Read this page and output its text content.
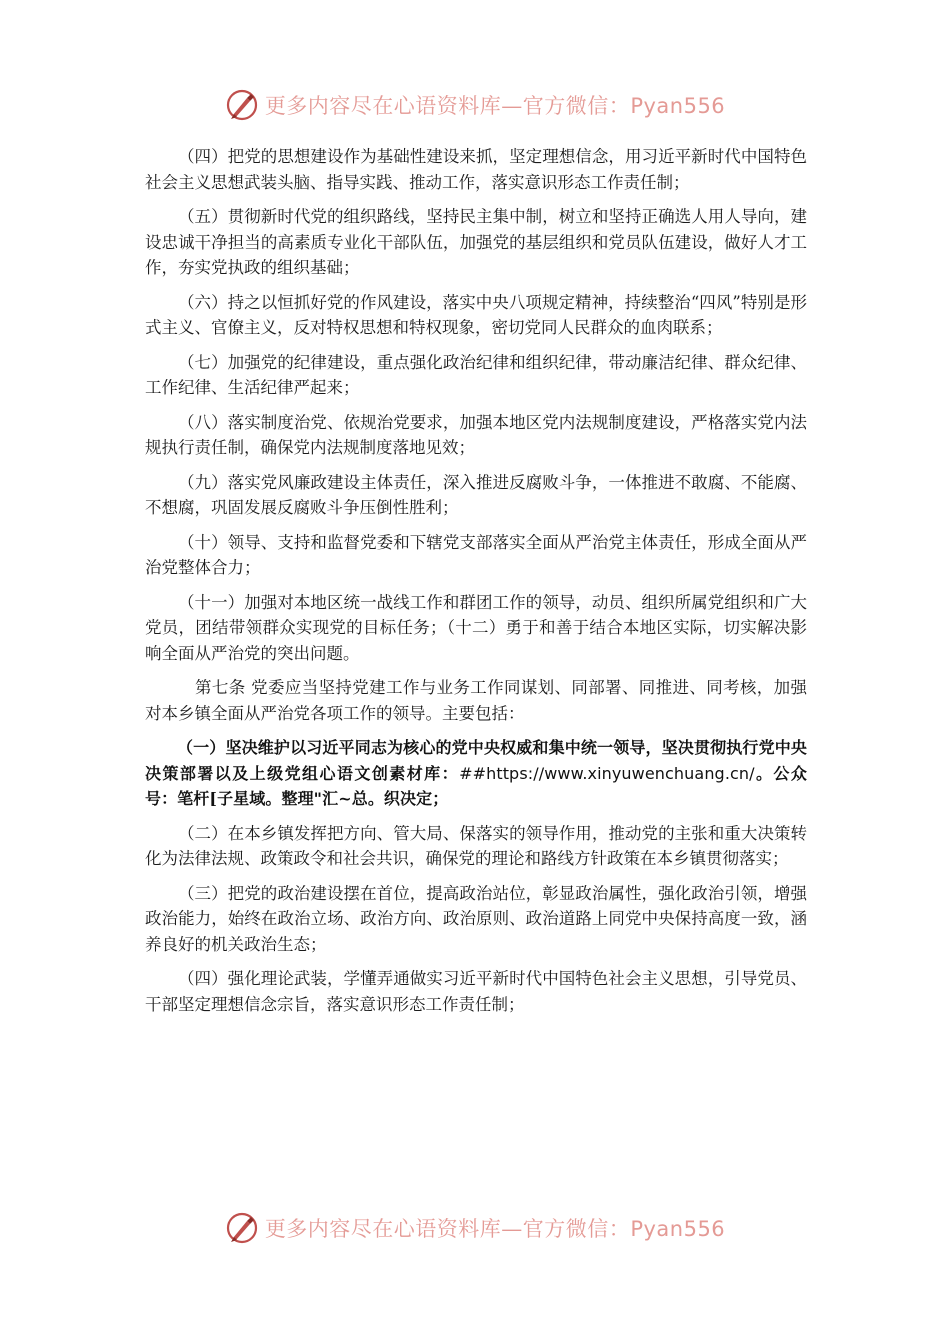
更多内容尽在心语资料库—官方微信：Pyan556

（四）把党的思想建设作为基础性建设来抓，坚定理想信念，用习近平新时代中国特色社会主义思想武装头脑、指导实践、推动工作，落实意识形态工作责任制；

（五）贯彻新时代党的组织路线，坚持民主集中制，树立和坚持正确选人用人导向，建设忠诚干净担当的高素质专业化干部队伍，加强党的基层组织和党员队伍建设，做好人才工作，夯实党执政的组织基础；

（六）持之以恒抓好党的作风建设，落实中央八项规定精神，持续整治“四风”特别是形式主义、官僚主义，反对特权思想和特权现象，密切党同人民群众的血肉联系；

（七）加强党的纪律建设，重点强化政治纪律和组织纪律，带动廉洁纪律、群众纪律、工作纪律、生活纪律严起来；

（八）落实制度治党、依规治党要求，加强本地区党内法规制度建设，严格落实党内法规执行责任制，确保党内法规制度落地见效；

（九）落实党风廉政建设主体责任，深入推进反腐败斗争，一体推进不敢腐、不能腐、不想腐，巩固发展反腐败斗争压倒性胜利；

（十）领导、支持和监督党委和下辖党支部落实全面从严治党主体责任，形成全面从严治党整体合力；

（十一）加强对本地区统一战线工作和群团工作的领导，动员、组织所属党组织和广大党员，团结带领群众实现党的目标任务；（十二）勇于和善于结合本地区实际，切实解决影响全面从严治党的突出问题。

第七条 党委应当坚持党建工作与业务工作同谋划、同部署、同推进、同考核，加强对本乡镇全面从严治党各项工作的领导。主要包括：

（一）坚决维护以习近平同志为核心的党中央权威和集中统一领导，坚决贯彻执行党中央决策部署以及上级党组心语文创素材库：##https://www.xinyuwenchuang.cn/。公众号：笔杆[子星域。整理"汇~总。织决定；

（二）在本乡镇发挥把方向、管大局、保落实的领导作用，推动党的主张和重大决策转化为法律法规、政策政令和社会共识，确保党的理论和路线方针政策在本乡镇贯彻落实；

（三）把党的政治建设摆在首位，提高政治站位，彰显政治属性，强化政治引领，增强政治能力，始终在政治立场、政治方向、政治原则、政治道路上同党中央保持高度一致，涵养良好的机关政治生态；

（四）强化理论武装，学懂弄通做实习近平新时代中国特色社会主义思想，引导党员、干部坚定理想信念宗旨，落实意识形态工作责任制；

更多内容尽在心语资料库—官方微信：Pyan556
